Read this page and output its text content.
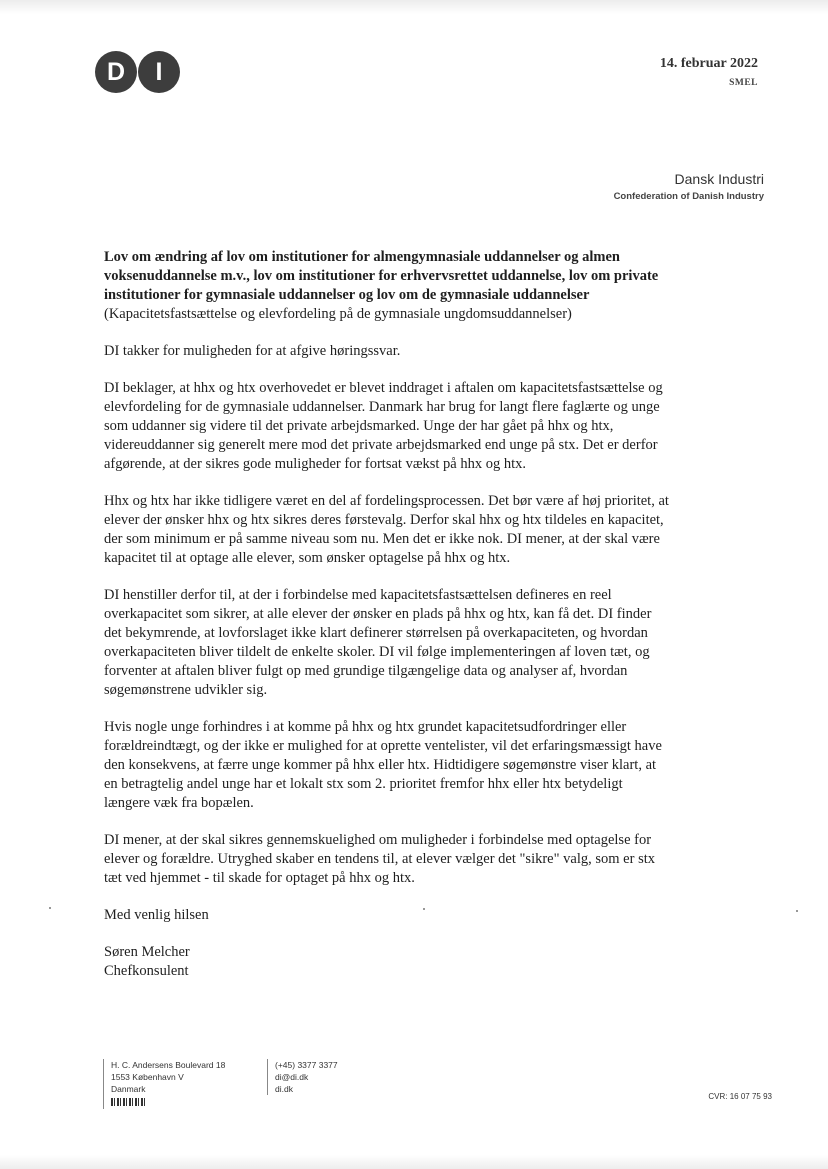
D	I	14. februar 2022
SMEL
Dansk Industri
Confederation of Danish Industry

Lov om ændring af lov om institutioner for almengymnasiale uddannelser og almen voksenuddannelse m.v., lov om institutioner for erhvervsrettet uddannelse, lov om private institutioner for gymnasiale uddannelser og lov om de gymnasiale uddannelser
(Kapacitetsfastsættelse og elevfordeling på de gymnasiale ungdomsuddannelser)

DI takker for muligheden for at afgive høringssvar.

DI beklager, at hhx og htx overhovedet er blevet inddraget i aftalen om kapacitetsfastsættelse og elevfordeling for de gymnasiale uddannelser. Danmark har brug for langt flere faglærte og unge som uddanner sig videre til det private arbejdsmarked. Unge der har gået på hhx og htx, videreuddanner sig generelt mere mod det private arbejdsmarked end unge på stx. Det er derfor afgørende, at der sikres gode muligheder for fortsat vækst på hhx og htx.

Hhx og htx har ikke tidligere været en del af fordelingsprocessen. Det bør være af høj prioritet, at elever der ønsker hhx og htx sikres deres førstevalg. Derfor skal hhx og htx tildeles en kapacitet, der som minimum er på samme niveau som nu. Men det er ikke nok. DI mener, at der skal være kapacitet til at optage alle elever, som ønsker optagelse på hhx og htx.

DI henstiller derfor til, at der i forbindelse med kapacitetsfastsættelsen defineres en reel overkapacitet som sikrer, at alle elever der ønsker en plads på hhx og htx, kan få det. DI finder det bekymrende, at lovforslaget ikke klart definerer størrelsen på overkapaciteten, og hvordan overkapaciteten bliver tildelt de enkelte skoler. DI vil følge implementeringen af loven tæt, og forventer at aftalen bliver fulgt op med grundige tilgængelige data og analyser af, hvordan søgemønstrene udvikler sig.

Hvis nogle unge forhindres i at komme på hhx og htx grundet kapacitetsudfordringer eller forældreindtægt, og der ikke er mulighed for at oprette ventelister, vil det erfaringsmæssigt have den konsekvens, at færre unge kommer på hhx eller htx. Hidtidigere søgemønstre viser klart, at en betragtelig andel unge har et lokalt stx som 2. prioritet fremfor hhx eller htx betydeligt længere væk fra bopælen.

DI mener, at der skal sikres gennemskuelighed om muligheder i forbindelse med optagelse for elever og forældre. Utryghed skaber en tendens til, at elever vælger det "sikre" valg, som er stx tæt ved hjemmet - til skade for optaget på hhx og htx.

Med venlig hilsen

Søren Melcher
Chefkonsulent

H. C. Andersens Boulevard 18
1553 København V
Danmark
(+45) 3377 3377
di@di.dk
di.dk
CVR: 16 07 75 93
